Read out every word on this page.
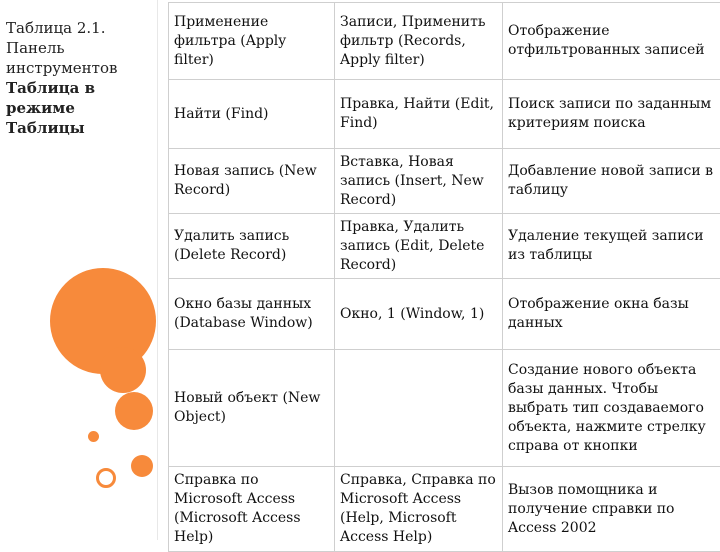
Таблица 2.1.
Панель
инструментов
Таблица в
режиме
Таблицы
Применение фильтра (Apply filter)	Записи, Применить фильтр (Records, Apply filter)	Отображение отфильтрованных записей
Найти (Find)	Правка, Найти (Edit, Find)	Поиск записи по заданным критериям поиска
Новая запись (New Record)	Вставка, Новая запись (Insert, New Record)	Добавление новой записи в таблицу
Удалить запись (Delete Record)	Правка, Удалить запись (Edit, Delete Record)	Удаление текущей записи из таблицы
Окно базы данных (Database Window)	Окно, 1 (Window, 1)	Отображение окна базы данных
Новый объект (New Object)		Создание нового объекта базы данных. Чтобы выбрать тип создаваемого объекта, нажмите стрелку справа от кнопки
Справка по Microsoft Access (Microsoft Access Help)	Справка, Справка по Microsoft Access (Help, Microsoft Access Help)	Вызов помощника и получение справки по Access 2002
